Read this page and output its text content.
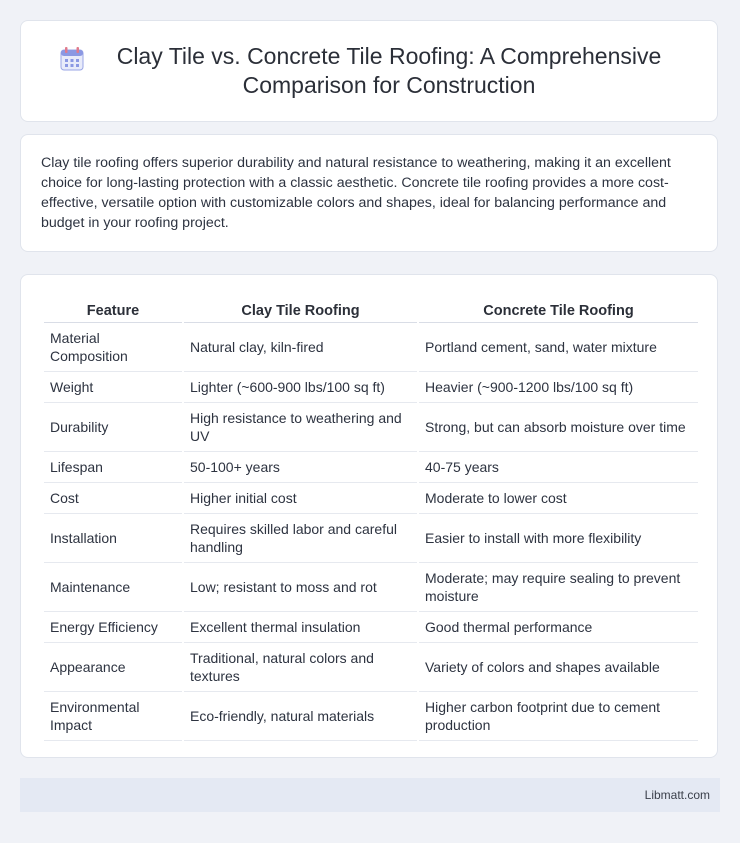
Clay Tile vs. Concrete Tile Roofing: A Comprehensive Comparison for Construction

Clay tile roofing offers superior durability and natural resistance to weathering, making it an excellent choice for long-lasting protection with a classic aesthetic. Concrete tile roofing provides a more cost-effective, versatile option with customizable colors and shapes, ideal for balancing performance and budget in your roofing project.

Feature	Clay Tile Roofing	Concrete Tile Roofing
Material Composition	Natural clay, kiln-fired	Portland cement, sand, water mixture
Weight	Lighter (~600-900 lbs/100 sq ft)	Heavier (~900-1200 lbs/100 sq ft)
Durability	High resistance to weathering and UV	Strong, but can absorb moisture over time
Lifespan	50-100+ years	40-75 years
Cost	Higher initial cost	Moderate to lower cost
Installation	Requires skilled labor and careful handling	Easier to install with more flexibility
Maintenance	Low; resistant to moss and rot	Moderate; may require sealing to prevent moisture
Energy Efficiency	Excellent thermal insulation	Good thermal performance
Appearance	Traditional, natural colors and textures	Variety of colors and shapes available
Environmental Impact	Eco-friendly, natural materials	Higher carbon footprint due to cement production
Libmatt.com
